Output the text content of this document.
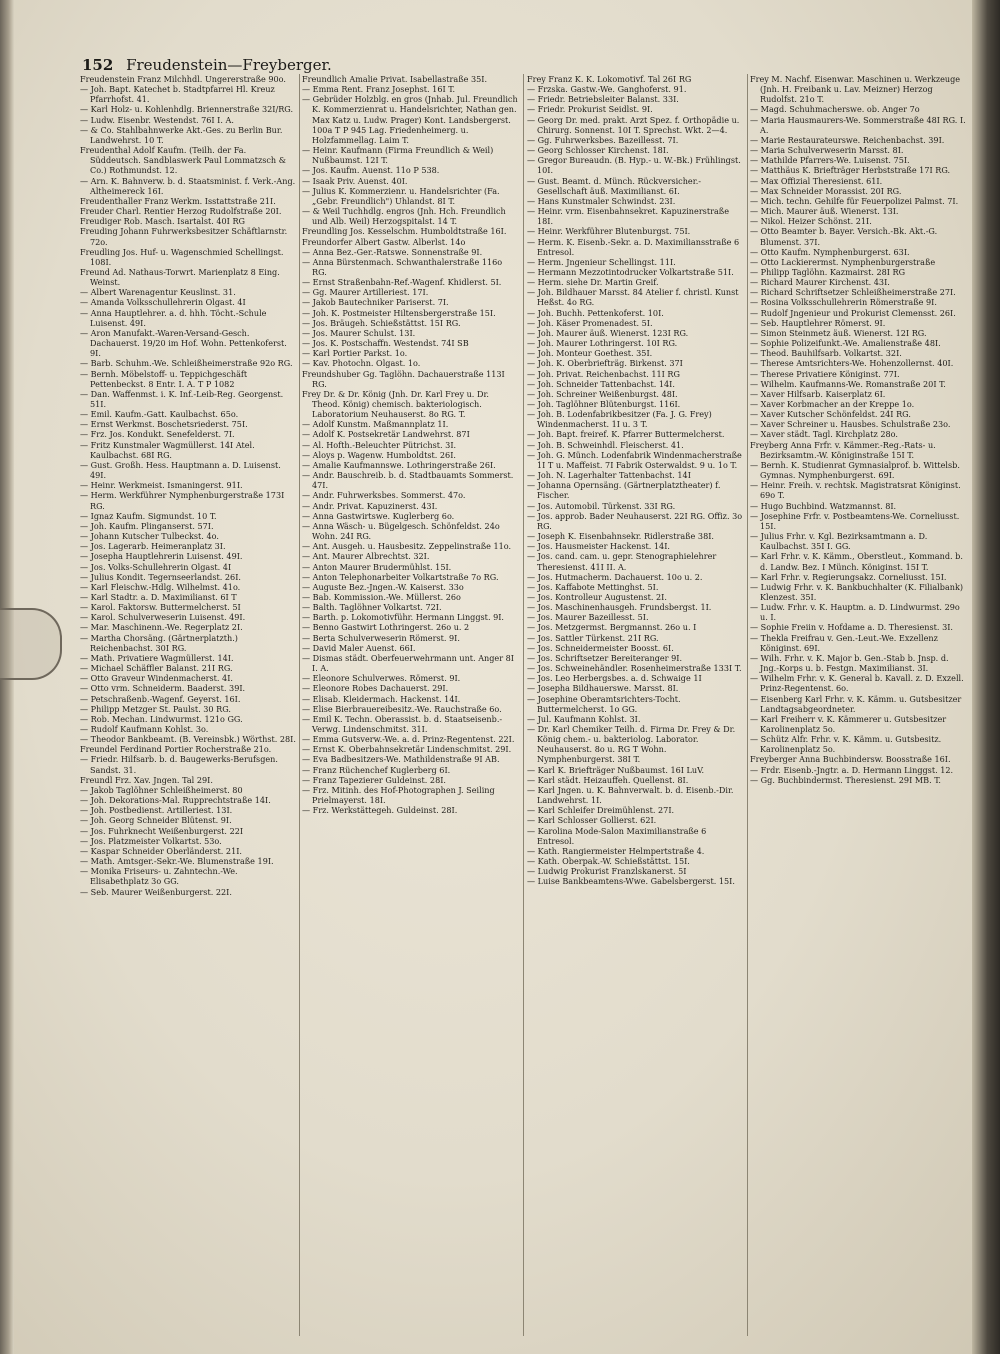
152 Freudenstein—Freyberger.

Freudenstein Franz Milchhdl. Ungererstraße 90o.

— Joh. Bapt. Katechet b. Stadtpfarrei Hl. Kreuz Pfarrhofst. 41.

— Karl Holz- u. Kohlenhdlg. Briennerstraße 32I/RG.

— Ludw. Eisenbr. Westendst. 76I I. A.

— & Co. Stahlbahnwerke Akt.-Ges. zu Berlin Bur. Landwehrst. 10 T.

Freudenthal Adolf Kaufm. (Teilh. der Fa. Süddeutsch. Sandblaswerk Paul Lommatzsch & Co.) Rothmundst. 12.

— Arn. K. Bahnverw. b. d. Staatsminist. f. Verk.-Ang. Altheimereck 16I.

Freudenthaller Franz Werkm. Isstattstraße 21I.

Freuder Charl. Rentier Herzog Rudolfstraße 20I.

Freudiger Rob. Masch. Isartalst. 40I RG

Freuding Johann Fuhrwerksbesitzer Schäftlarnstr. 72o.

Freudling Jos. Huf- u. Wagenschmied Schellingst. 108I.

Freund Ad. Nathaus-Torwrt. Marienplatz 8 Eing. Weinst.

— Albert Warenagentur Keuslinst. 31.

— Amanda Volksschullehrerin Olgast. 4I

— Anna Hauptlehrer. a. d. hhh. Töcht.-Schule Luisenst. 49I.

— Aron Manufakt.-Waren-Versand-Gesch. Dachauerst. 19/20 im Hof. Wohn. Pettenkoferst. 9I.

— Barb. Schuhm.-We. Schleißheimerstraße 92o RG.

— Bernh. Möbelstoff- u. Teppichgeschäft Pettenbeckst. 8 Entr. I. A. T P 1082

— Dan. Waffenmst. i. K. Inf.-Leib-Reg. Georgenst. 51I.

— Emil. Kaufm.-Gatt. Kaulbachst. 65o.

— Ernst Werkmst. Boschetsriederst. 75I.

— Frz. Jos. Kondukt. Senefelderst. 7I.

— Fritz Kunstmaler Wagmüllerst. 14I Atel. Kaulbachst. 68I RG.

— Gust. Großh. Hess. Hauptmann a. D. Luisenst. 49I.

— Heinr. Werkmeist. Ismaningerst. 91I.

— Herm. Werkführer Nymphenburgerstraße 173I RG.

— Ignaz Kaufm. Sigmundst. 10 T.

— Joh. Kaufm. Plinganserst. 57I.

— Johann Kutscher Tulbeckst. 4o.

— Jos. Lagerarb. Heimeranplatz 3I.

— Josepha Hauptlehrerin Luisenst. 49I.

— Jos. Volks-Schullehrerin Olgast. 4I

— Julius Kondit. Tegernseerlandst. 26I.

— Karl Fleischw.-Hdlg. Wilhelmst. 41o.

— Karl Stadtr. a. D. Maximilianst. 6I T

— Karol. Faktorsw. Buttermelcherst. 5I

— Karol. Schulverweserin Luisenst. 49I.

— Mar. Maschinenn.-We. Regerplatz 2I.

— Martha Chorsäng. (Gärtnerplatzth.) Reichenbachst. 30I RG.

— Math. Privatiere Wagmüllerst. 14I.

— Michael Schäffler Balanst. 21I RG.

— Otto Graveur Windenmacherst. 4I.

— Otto vrm. Schneiderm. Baaderst. 39I.

— Petschraßenb.-Wagenf. Geyerst. 16I.

— Philipp Metzger St. Paulst. 30 RG.

— Rob. Mechan. Lindwurmst. 121o GG.

— Rudolf Kaufmann Kohlst. 3o.

— Theodor Bankbeamt. (B. Vereinsbk.) Wörthst. 28I.

Freundel Ferdinand Portier Rocherstraße 21o.

— Friedr. Hilfsarb. b. d. Baugewerks-Berufsgen. Sandst. 31.

Freundl Frz. Xav. Jngen. Tal 29I.

— Jakob Taglöhner Schleißheimerst. 80

— Joh. Dekorations-Mal. Rupprechtstraße 14I.

— Joh. Postbedienst. Artilleriest. 13I.

— Joh. Georg Schneider Blütenst. 9I.

— Jos. Fuhrknecht Weißenburgerst. 22I

— Jos. Platzmeister Volkartst. 53o.

— Kaspar Schneider Oberländerst. 21I.

— Math. Amtsger.-Sekr.-We. Blumenstraße 19I.

— Monika Friseurs- u. Zahntechn.-We. Elisabethplatz 3o GG.

— Seb. Maurer Weißenburgerst. 22I.

Freundlich Amalie Privat. Isabellastraße 35I.

— Emma Rent. Franz Josephst. 16I T.

— Gebrüder Holzblg. en gros (Jnhab. Jul. Freundlich K. Kommerzienrat u. Handelsrichter, Nathan gen. Max Katz u. Ludw. Prager) Kont. Landsbergerst. 100a T P 945 Lag. Friedenheimerg. u. Holzfammellag. Laim T.

— Heinr. Kaufmann (Firma Freundlich & Weil) Nußbaumst. 12I T.

— Jos. Kaufm. Auenst. 11o P 538.

— Isaak Priv. Auenst. 40I.

— Julius K. Kommerzienr. u. Handelsrichter (Fa. „Gebr. Freundlich") Uhlandst. 8I T.

— & Weil Tuchhdlg. engros (Jnh. Hch. Freundlich und Alb. Weil) Herzogspitalst. 14 T.

Freundling Jos. Kesselschm. Humboldtstraße 16I.

Freundorfer Albert Gastw. Alberlst. 14o

— Anna Bez.-Ger.-Ratswe. Sonnenstraße 9I.

— Anna Bürstenmach. Schwanthalerstraße 116o RG.

— Ernst Straßenbahn-Ref.-Wagenf. Khidlerst. 5I.

— Gg. Maurer Artilleriest. 17I.

— Jakob Bautechniker Pariserst. 7I.

— Joh. K. Postmeister Hiltensbergerstraße 15I.

— Jos. Bräugeh. Schießstättst. 15I RG.

— Jos. Maurer Schulst. 13I.

— Jos. K. Postschaffn. Westendst. 74I SB

— Karl Portier Parkst. 1o.

— Kav. Photochn. Olgast. 1o.

Freundshuber Gg. Taglöhn. Dachauerstraße 113I RG.

Frey Dr. & Dr. König (Jnh. Dr. Karl Frey u. Dr. Theod. König) chemisch. bakteriologisch. Laboratorium Neuhauserst. 8o RG. T.

— Adolf Kunstm. Maßmannplatz 1I.

— Adolf K. Postsekretär Landwehrst. 87I

— Al. Hofth.-Beleuchter Pütrichst. 3I.

— Aloys p. Wagenw. Humboldtst. 26I.

— Amalie Kaufmannswe. Lothringerstraße 26I.

— Andr. Bauschreib. b. d. Stadtbauamts Sommerst. 47I.

— Andr. Fuhrwerksbes. Sommerst. 47o.

— Andr. Privat. Kapuzinerst. 43I.

— Anna Gastwirtswe. Kuglerberg 6o.

— Anna Wäsch- u. Bügelgesch. Schönfeldst. 24o Wohn. 24I RG.

— Ant. Ausgeh. u. Hausbesitz. Zeppelinstraße 11o.

— Ant. Maurer Albrechtst. 32I.

— Anton Maurer Brudermühlst. 15I.

— Anton Telephonarbeiter Volkartstraße 7o RG.

— Auguste Bez.-Jngen.-W. Kaiserst. 33o

— Bab. Kommission.-We. Müllerst. 26o

— Balth. Taglöhner Volkartst. 72I.

— Barth. p. Lokomotivführ. Hermann Linggst. 9I.

— Benno Gastwirt Lothringerst. 26o u. 2

— Berta Schulverweserin Römerst. 9I.

— David Maler Auenst. 66I.

— Dismas städt. Oberfeuerwehrmann unt. Anger 8I I. A.

— Eleonore Schulverwes. Römerst. 9I.

— Eleonore Robes Dachauerst. 29I.

— Elisab. Kleidermach. Hackenst. 14I.

— Elise Bierbrauereibesitz.-We. Rauchstraße 6o.

— Emil K. Techn. Oberassist. b. d. Staatseisenb.-Verwg. Lindenschmitst. 31I.

— Emma Gutsverw.-We. a. d. Prinz-Regentenst. 22I.

— Ernst K. Oberbahnsekretär Lindenschmitst. 29I.

— Eva Badbesitzers-We. Mathildenstraße 9I AB.

— Franz Rüchenchef Kuglerberg 6I.

— Franz Tapezierer Guldeinst. 28I.

— Frz. Mitinh. des Hof-Photographen J. Seiling Prielmayerst. 18I.

— Frz. Werkstättegeh. Guldeinst. 28I.

Frey Franz K. K. Lokomotivf. Tal 26I RG

— Frzska. Gastw.-We. Ganghoferst. 91.

— Friedr. Betriebsleiter Balanst. 33I.

— Friedr. Prokurist Seidlst. 9I.

— Georg Dr. med. prakt. Arzt Spez. f. Orthopädie u. Chirurg. Sonnenst. 10I T. Sprechst. Wkt. 2—4.

— Gg. Fuhrwerksbes. Bazeillesst. 7I.

— Georg Schlosser Kirchenst. 18I.

— Gregor Bureaudn. (B. Hyp.- u. W.-Bk.) Frühlingst. 10I.

— Gust. Beamt. d. Münch. Rückversicher.-Gesellschaft äuß. Maximilianst. 6I.

— Hans Kunstmaler Schwindst. 23I.

— Heinr. vrm. Eisenbahnsekret. Kapuzinerstraße 18I.

— Heinr. Werkführer Blutenburgst. 75I.

— Herm. K. Eisenb.-Sekr. a. D. Maximiliansstraße 6 Entresol.

— Herm. Jngenieur Schellingst. 11I.

— Hermann Mezzotintodrucker Volkartstraße 51I.

— Herm. siehe Dr. Martin Greif.

— Joh. Bildhauer Marsst. 84 Atelier f. christl. Kunst Heßst. 4o RG.

— Joh. Buchh. Pettenkoferst. 10I.

— Joh. Käser Promenadest. 5I.

— Joh. Maurer äuß. Wienerst. 123I RG.

— Joh. Maurer Lothringerst. 10I RG.

— Joh. Monteur Goethest. 35I.

— Joh. K. Oberbriefträg. Birkenst. 37I

— Joh. Privat. Reichenbachst. 11I RG

— Joh. Schneider Tattenbachst. 14I.

— Joh. Schreiner Weißenburgst. 48I.

— Joh. Taglöhner Blütenburgst. 116I.

— Joh. B. Lodenfabrikbesitzer (Fa. J. G. Frey) Windenmacherst. 1I u. 3 T.

— Joh. Bapt. freiref. K. Pfarrer Buttermelcherst.

— Joh. B. Schweinhdl. Fleischerst. 41.

— Joh. G. Münch. Lodenfabrik Windenmacherstraße 1I T u. Maffeist. 7I Fabrik Osterwaldst. 9 u. 1o T.

— Joh. N. Lagerhalter Tattenbachst. 14I

— Johanna Opernsäng. (Gärtnerplatztheater) f. Fischer.

— Jos. Automobil. Türkenst. 33I RG.

— Jos. approb. Bader Neuhauserst. 22I RG. Offiz. 3o RG.

— Joseph K. Eisenbahnsekr. Ridlerstraße 38I.

— Jos. Hausmeister Hackenst. 14I.

— Jos. cand. cam. u. gepr. Stenographielehrer Theresienst. 41I II. A.

— Jos. Hutmacherm. Dachauerst. 10o u. 2.

— Jos. Kaffabote Mettinghst. 5I.

— Jos. Kontrolleur Augustenst. 2I.

— Jos. Maschinenhausgeh. Frundsbergst. 1I.

— Jos. Maurer Bazeillesst. 5I.

— Jos. Metzgermst. Bergmannst. 26o u. I

— Jos. Sattler Türkenst. 21I RG.

— Jos. Schneidermeister Boosst. 6I.

— Jos. Schriftsetzer Bereiteranger 9I.

— Jos. Schweinehändler. Rosenheimerstraße 133I T.

— Jos. Leo Herbergsbes. a. d. Schwaige 1I

— Josepha Bildhauerswe. Marsst. 8I.

— Josephine Oberamtsrichters-Tocht. Buttermelcherst. 1o GG.

— Jul. Kaufmann Kohlst. 3I.

— Dr. Karl Chemiker Teilh. d. Firma Dr. Frey & Dr. König chem.- u. bakteriolog. Laborator. Neuhauserst. 8o u. RG T Wohn. Nymphenburgerst. 38I T.

— Karl K. Briefträger Nußbaumst. 16I LuV.

— Karl städt. Heizauffeh. Quellenst. 8I.

— Karl Jngen. u. K. Bahnverwalt. b. d. Eisenb.-Dir. Landwehrst. 1I.

— Karl Schleifer Dreimühlenst. 27I.

— Karl Schlosser Gollierst. 62I.

— Karolina Mode-Salon Maximilianstraße 6 Entresol.

— Kath. Rangiermeister Helmpertstraße 4.

— Kath. Oberpak.-W. Schießstättst. 15I.

— Ludwig Prokurist Franzlskanerst. 5I

— Luise Bankbeamtens-Wwe. Gabelsbergerst. 15I.

Frey M. Nachf. Eisenwar. Maschinen u. Werkzeuge (Jnh. H. Freibank u. Lav. Meizner) Herzog Rudolfst. 21o T.

— Magd. Schuhmacherswe. ob. Anger 7o

— Maria Hausmaurers-We. Sommerstraße 48I RG. I. A.

— Marie Restaurateurswe. Reichenbachst. 39I.

— Maria Schulverweserin Marsst. 8I.

— Mathilde Pfarrers-We. Luisenst. 75I.

— Matthäus K. Briefträger Herbststraße 17I RG.

— Max Offizial Theresienst. 61I.

— Max Schneider Morassist. 20I RG.

— Mich. techn. Gehilfe für Feuerpolizei Palmst. 7I.

— Mich. Maurer äuß. Wienerst. 13I.

— Nikol. Heizer Schönst. 21I.

— Otto Beamter b. Bayer. Versich.-Bk. Akt.-G. Blumenst. 37I.

— Otto Kaufm. Nymphenburgerst. 63I.

— Otto Lackierermst. Nymphenburgerstraße

— Philipp Taglöhn. Kazmairst. 28I RG

— Richard Maurer Kirchenst. 43I.

— Richard Schriftsetzer Schleißheimerstraße 27I.

— Rosina Volksschullehrerin Römerstraße 9I.

— Rudolf Jngenieur und Prokurist Clemensst. 26I.

— Seb. Hauptlehrer Römerst. 9I.

— Simon Steinmetz äuß. Wienerst. 12I RG.

— Sophie Polizeifunkt.-We. Amalienstraße 48I.

— Theod. Bauhilfsarb. Volkartst. 32I.

— Therese Amtsrichters-We. Hohenzollernst. 40I.

— Therese Privatiere Königinst. 77I.

— Wilhelm. Kaufmanns-We. Romanstraße 20I T.

— Xaver Hilfsarb. Kaiserplatz 6I.

— Xaver Korbmacher an der Kreppe 1o.

— Xaver Kutscher Schönfeldst. 24I RG.

— Xaver Schreiner u. Hausbes. Schulstraße 23o.

— Xaver städt. Tagl. Kirchplatz 28o.

Freyberg Anna Frfr. v. Kämmer.-Reg.-Rats- u. Bezirksamtm.-W. Königinstraße 15I T.

— Bernh. K. Studienrat Gymnasialprof. b. Wittelsb. Gymnas. Nymphenburgerst. 69I.

— Heinr. Freih. v. rechtsk. Magistratsrat Königinst. 69o T.

— Hugo Buchbind. Watzmannst. 8I.

— Josephine Frfr. v. Postbeamtens-We. Corneliusst. 15I.

— Julius Frhr. v. Kgl. Bezirksamtmann a. D. Kaulbachst. 35I I. GG.

— Karl Frhr. v. K. Kämm., Oberstleut., Kommand. b. d. Landw. Bez. I Münch. Königinst. 15I T.

— Karl Frhr. v. Regierungsakz. Corneliusst. 15I.

— Ludwig Frhr. v. K. Bankbuchhalter (K. Filialbank) Klenzest. 35I.

— Ludw. Frhr. v. K. Hauptm. a. D. Lindwurmst. 29o u. I.

— Sophie Freiin v. Hofdame a. D. Theresienst. 3I.

— Thekla Freifrau v. Gen.-Leut.-We. Exzellenz Königinst. 69I.

— Wilh. Frhr. v. K. Major b. Gen.-Stab b. Jnsp. d. Jng.-Korps u. b. Festgn. Maximilianst. 3I.

— Wilhelm Frhr. v. K. General b. Kavall. z. D. Exzell. Prinz-Regentenst. 6o.

— Eisenberg Karl Frhr. v. K. Kämm. u. Gutsbesitzer Landtagsabgeordneter.

— Karl Freiherr v. K. Kämmerer u. Gutsbesitzer Karolinenplatz 5o.

— Schütz Alfr. Frhr. v. K. Kämm. u. Gutsbesitz. Karolinenplatz 5o.

Freyberger Anna Buchbindersw. Boosstraße 16I.

— Frdr. Eisenb.-Jngtr. a. D. Hermann Linggst. 12.

— Gg. Buchbindermst. Theresienst. 29I MB. T.
